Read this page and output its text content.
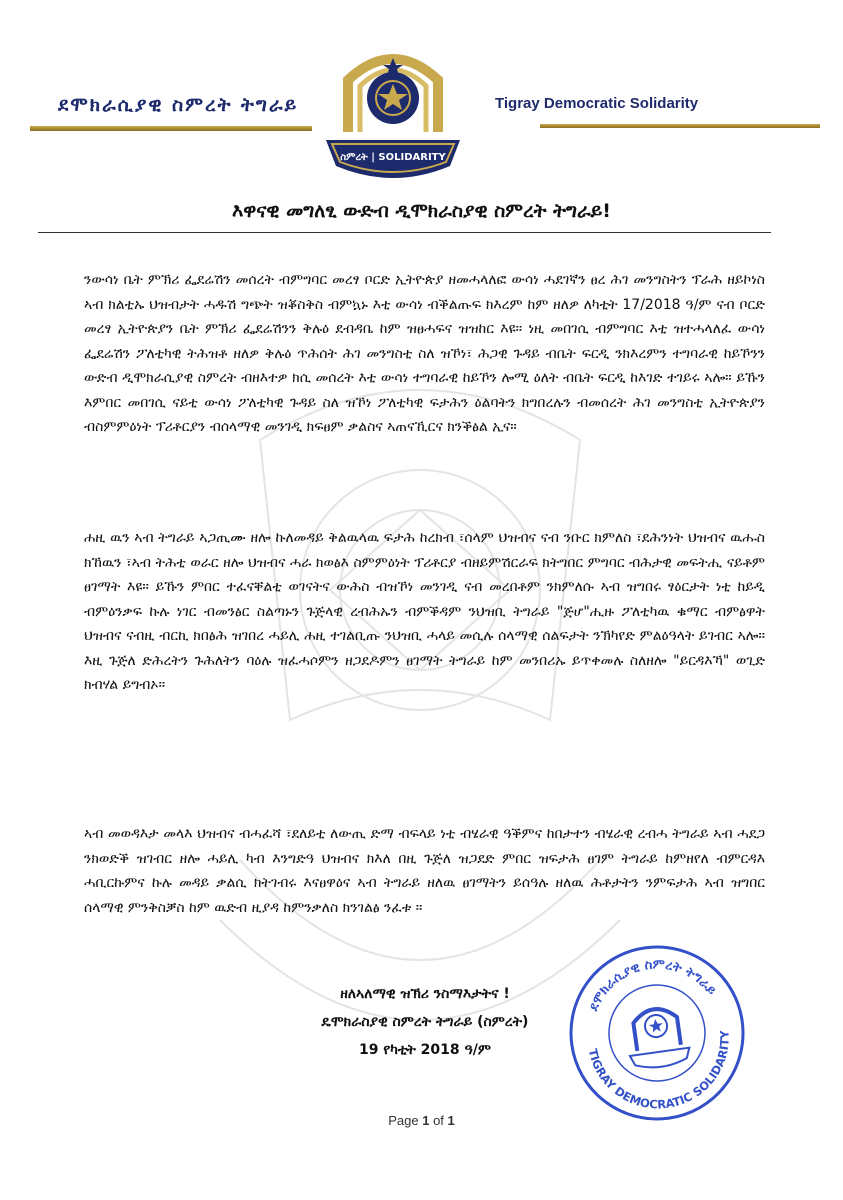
ደሞክራሲያዊ ስምረት ትግራይ	Tigray Democratic Solidarity
ስምረት | SOLIDARITY
እዋናዊ መግለፂ ውድብ ዲሞክራስያዊ ስምረት ትግራይ!
ንውሳነ ቤት ምኽሪ ፌደሬሽን መሰረት ብምግባር መረፃ ቦርድ ኢትዮጵያ ዘመሓላለፎ ውሳነ ሓደገኛን ፀረ ሕገ መንግስትን ፕራሕ ዘይኮነስ ኣብ ክልቲኡ ህዝብታት ሓዱሽ ግጭት ዝቖስቅስ ብምኳኑ እቲ ውሳነ ብቕልጡፍ ክእረም ከም ዘለዎ ለካቲት 17/2018 ዓ/ም ናብ ቦርድ መረፃ ኢትዮጵያን ቤት ምኽሪ ፌደሬሽንን ቅሉዕ ደብዳቤ ከም ዝፀሓፍና ዝዝከር እዩ። ነዚ መበገሲ ብምግባር እቲ ዝተሓላለፈ ውሳነ ፌደሬሽን ፖለቲካዊ ትሕዝቶ ዘለዎ ቅሉዕ ጥሕሰት ሕገ መንግስቲ ስለ ዝኾነ፣ ሕጋዊ ጉዳይ ብቤት ፍርዲ ንክእረምን ተግባራዊ ከይኾንን ውድብ ዲሞክራሲያዊ ስምረት ብዘእተዎ ክሲ መሰረት እቲ ውሳነ ተግባራዊ ከይኾን ሎሚ ዕለት ብቤት ፍርዲ ከእገድ ተገይሩ ኣሎ። ይኹን እምበር መበገሲ ናይቲ ውሳነ ፖለቲካዊ ጉዳይ ስለ ዝኾነ ፖለቲካዊ ፍታሕን ዕልባትን ክግበረሉን ብመሰረት ሕገ መንግስቲ ኢትዮጵያን ብስምምዕነት ፕሪቶርያን ብሰላማዊ መንገዲ ክፍፀም ቃልስና ኣጠናኺርና ክንቕፅል ኢና።
ሐዚ ዉን ኣብ ትግራይ ኣጋጢሙ ዘሎ ኩለመዳይ ቅልዉላዉ ፍታሕ ከረክብ ፣ሰላም ህዝብና ናብ ንቡር ክምለስ ፣ደሕንነት ህዝብና ዉሑስ ክኸዉን ፣ኣብ ትሕቲ ወራር ዘሎ ህዝብና ሓራ ክወፅእ ስምምዕነት ፕሪቶርያ ብዘይምሽርራፍ ክትግበር ምግባር ብሕታዊ መፍትሒ ናይቶም ፀገማት እዩ። ይኹን ምበር ተፈናቐልቲ ወገናትና ውሕስ ብዝኾነ መንገዲ ናብ መረበቶም ንክምለሱ ኣብ ዝግበሩ ፃዕርታት ነቲ ከይዲ ብምዕንቃፍ ኩሉ ነገር ብመንፅር ስልጣኑን ጉጅላዊ ረብሕኡን ብምቕዳም ንህዝቢ ትግራይ "ጅሆ"ሒዙ ፖለቲካዉ ቁማር ብምፅዋት ህዝብና ናብዚ ብርኪ ክበፅሕ ዝገበረ ሓይሊ ሐዚ ተገልቢጡ ንህዝቢ ሓላይ መሲሉ ሰላማዊ ሰልፍታት ንኽካየድ ምልዕዓላት ይገብር ኣሎ። እዚ ጉጅለ ድሕረትን ጉሕለትን ባዕሉ ዝፈሓሶምን ዘጋደዶምን ፀገማት ትግራይ ከም መንበሪኡ ይጥቀመሉ ስለዘሎ "ይርዳእኻ" ወጊድ ክብሃል ይግብኦ።
ኣብ መወዳእታ መላእ ህዝብና ብሓፈሻ ፣ደለይቲ ለውጢ ድማ ብፍላይ ነቲ ብሄራዊ ዓቕምና ከበታተን ብሄራዊ ረብሓ ትግራይ ኣብ ሓደጋ ንክወድቕ ዝገብር ዘሎ ሓይሊ ካብ እንግድዓ ህዝብና ክእለ በዚ ጉጅለ ዝጋደድ ምበር ዝፍታሕ ፀገም ትግራይ ከምዘየለ ብምርዳእ ሓቢርኩምና ኩሉ መዳይ ቃልሲ ክትገብሩ እናፀዋዕና ኣብ ትግራይ ዘለዉ ፀገማትን ይሰዓሉ ዘለዉ ሕቶታትን ንምፍታሕ ኣብ ዝግበር ሰላማዊ ምንቅስቓስ ከም ዉድብ ዚያዳ ከምንቃለስ ክንገልፅ ንፈቱ ።
ዘለኣለማዊ ዝኽሪ ንስማእታትና !
ዴሞክራስያዊ ስምረት ትግራይ (ስምረት)
19 የካቲት 2018 ዓ/ም
ደሞክራሲያዊ ስምረት ትግራይ
TIGRAY DEMOCRATIC SOLIDARITY
Page 1 of 1
